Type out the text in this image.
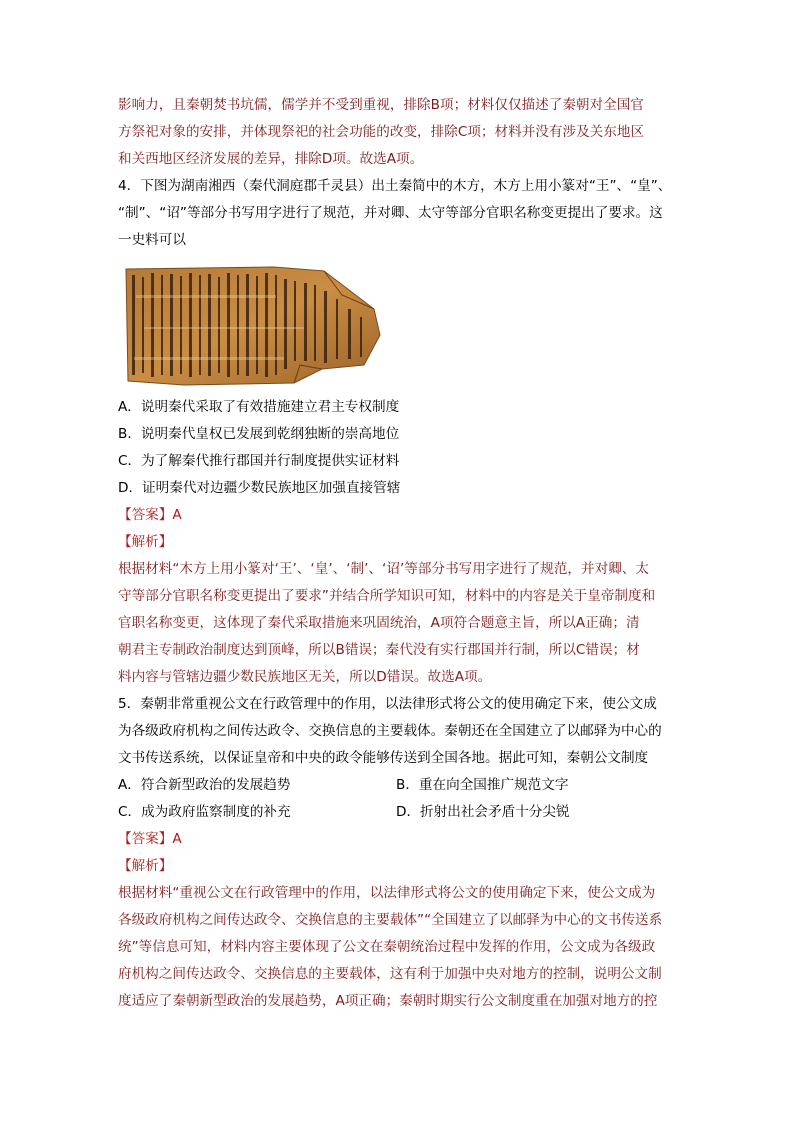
影响力，且秦朝焚书坑儒，儒学并不受到重视，排除B项；材料仅仅描述了秦朝对全国官
方祭祀对象的安排，并体现祭祀的社会功能的改变，排除C项；材料并没有涉及关东地区
和关西地区经济发展的差异，排除D项。故选A项。
4．下图为湖南湘西（秦代洞庭郡千灵县）出土秦简中的木方，木方上用小篆对“王”、“皇”、
“制”、“诏”等部分书写用字进行了规范，并对卿、太守等部分官职名称变更提出了要求。这
一史料可以
A．说明秦代采取了有效措施建立君主专权制度
B．说明秦代皇权已发展到乾纲独断的崇高地位
C．为了解秦代推行郡国并行制度提供实证材料
D．证明秦代对边疆少数民族地区加强直接管辖
【答案】A
【解析】
根据材料“木方上用小篆对‘王’、‘皇’、‘制’、‘诏’等部分书写用字进行了规范，并对卿、太
守等部分官职名称变更提出了要求”并结合所学知识可知，材料中的内容是关于皇帝制度和
官职名称变更，这体现了秦代采取措施来巩固统治，A项符合题意主旨，所以A正确；清
朝君主专制政治制度达到顶峰，所以B错误；秦代没有实行郡国并行制，所以C错误；材
料内容与管辖边疆少数民族地区无关，所以D错误。故选A项。
5．秦朝非常重视公文在行政管理中的作用，以法律形式将公文的使用确定下来，使公文成
为各级政府机构之间传达政令、交换信息的主要载体。秦朝还在全国建立了以邮驿为中心的
文书传送系统，以保证皇帝和中央的政令能够传送到全国各地。据此可知，秦朝公文制度
A．符合新型政治的发展趋势	B．重在向全国推广规范文字
C．成为政府监察制度的补充	D．折射出社会矛盾十分尖锐
【答案】A
【解析】
根据材料“重视公文在行政管理中的作用，以法律形式将公文的使用确定下来，使公文成为
各级政府机构之间传达政令、交换信息的主要载体”“全国建立了以邮驿为中心的文书传送系
统”等信息可知，材料内容主要体现了公文在秦朝统治过程中发挥的作用，公文成为各级政
府机构之间传达政令、交换信息的主要载体，这有利于加强中央对地方的控制，说明公文制
度适应了秦朝新型政治的发展趋势，A项正确；秦朝时期实行公文制度重在加强对地方的控
